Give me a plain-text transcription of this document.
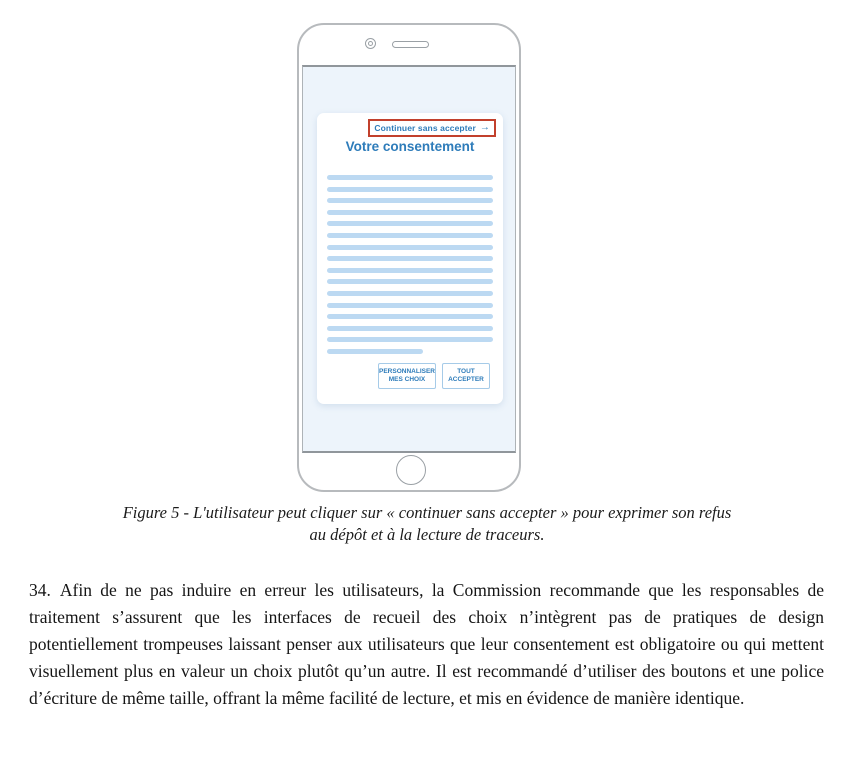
Continuer sans accepter →
Votre consentement
PERSONNALISER MES CHOIX
TOUT ACCEPTER
Figure 5 - L'utilisateur peut cliquer sur « continuer sans accepter » pour exprimer son refus
au dépôt et à la lecture de traceurs.
34. Afin de ne pas induire en erreur les utilisateurs, la Commission recommande que les responsables de traitement s’assurent que les interfaces de recueil des choix n’intègrent pas de pratiques de design potentiellement trompeuses laissant penser aux utilisateurs que leur consentement est obligatoire ou qui mettent visuellement plus en valeur un choix plutôt qu’un autre. Il est recommandé d’utiliser des boutons et une police d’écriture de même taille, offrant la même facilité de lecture, et mis en évidence de manière identique.
